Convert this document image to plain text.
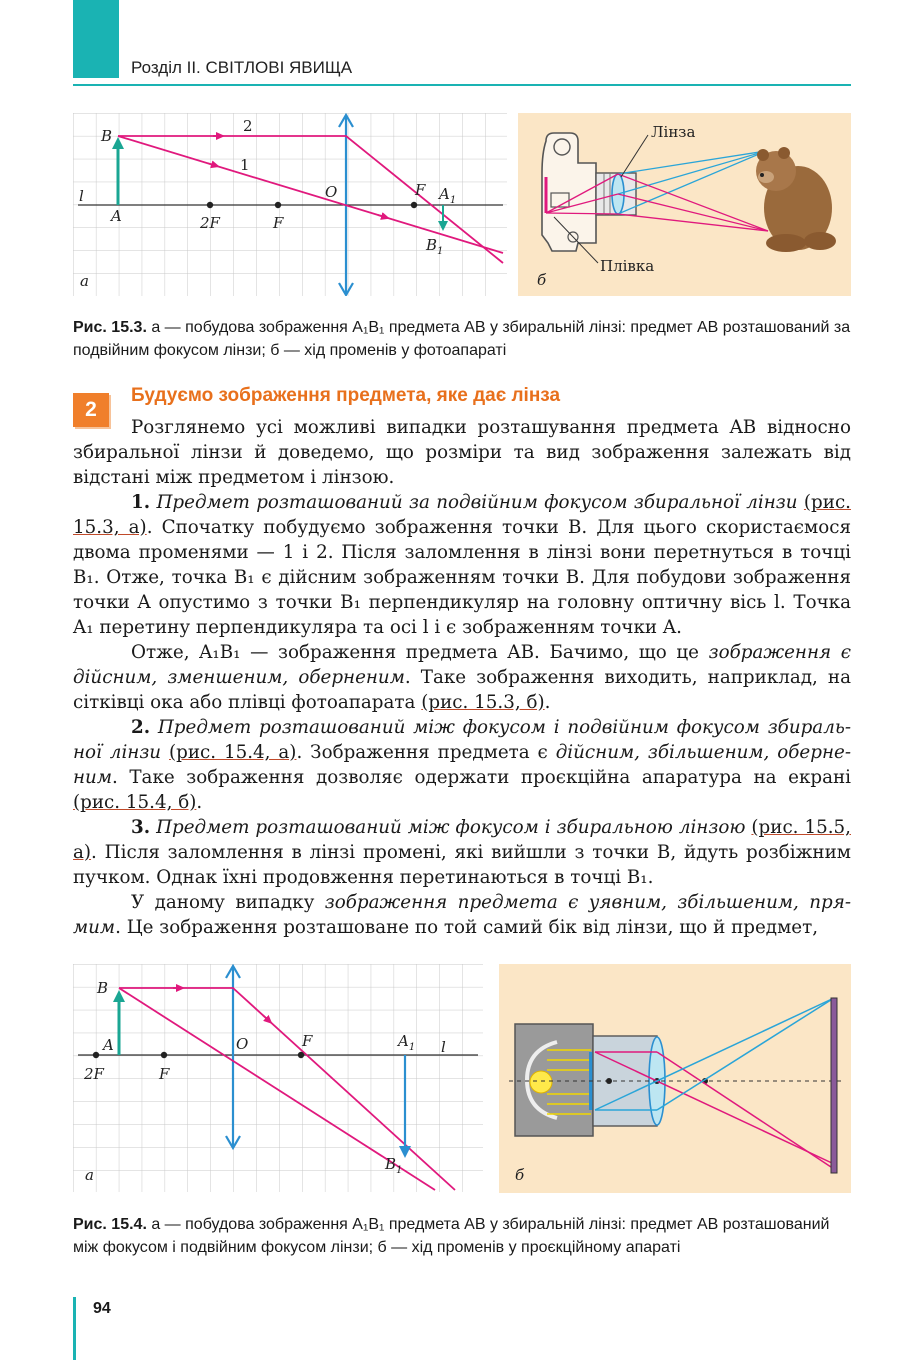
Розділ II. СВІТЛОВІ ЯВИЩА
B
A
l
2F	F
O	F $A_1$
$B_1$
1
2
а
Лінза
Плівка
б
Рис. 15.3. а — побудова зображення A₁B₁ предмета AB у збиральній лінзі: предмет AB розташований за подвійним фокусом лінзи; б — хід променів у фотоапараті
2
Будуємо зображення предмета, яке дає лінза

Розглянемо усі можливі випадки розташування предмета AB відносно збиральної лінзи й доведемо, що розміри та вид зображення залежать від відстані між предметом і лінзою.

1. Предмет розташований за подвійним фокусом збиральної лінзи (рис. 15.3, а). Спочатку побудуємо зображення точки B. Для цього скористаємося двома променями — 1 і 2. Після заломлення в лінзі вони перетнуться в точці B₁. Отже, точка B₁ є дійсним зображенням точки B. Для побудови зображення точки A опустимо з точки B₁ перпендикуляр на головну оптичну вісь l. Точка A₁ перетину перпендикуляра та осі l і є зображенням точки A.

Отже, A₁B₁ — зображення предмета AB. Бачимо, що це зображення є дійсним, зменшеним, оберненим. Таке зображення виходить, наприклад, на сітківці ока або плівці фотоапарата (рис. 15.3, б).

2. Предмет розташований між фокусом і подвійним фокусом збиральної лінзи (рис. 15.4, а). Зображення предмета є дійсним, збільшеним, оберненим. Таке зображення дозволяє одержати проєкційна апаратура на екрані (рис. 15.4, б).

3. Предмет розташований між фокусом і збиральною лінзою (рис. 15.5, а). Після заломлення в лінзі промені, які вийшли з точки B, йдуть розбіжним пучком. Однак їхні продовження перетинаються в точці B₁.

У даному випадку зображення предмета є уявним, збільшеним, прямим. Це зображення розташоване по той самий бік від лінзи, що й предмет,

B
A	l
2F	F
O	F	$A_1$
$B_1$
а	б
Рис. 15.4. а — побудова зображення A₁B₁ предмета AB у збиральній лінзі: предмет AB розташований між фокусом і подвійним фокусом лінзи; б — хід променів у проєкційному апараті
94
